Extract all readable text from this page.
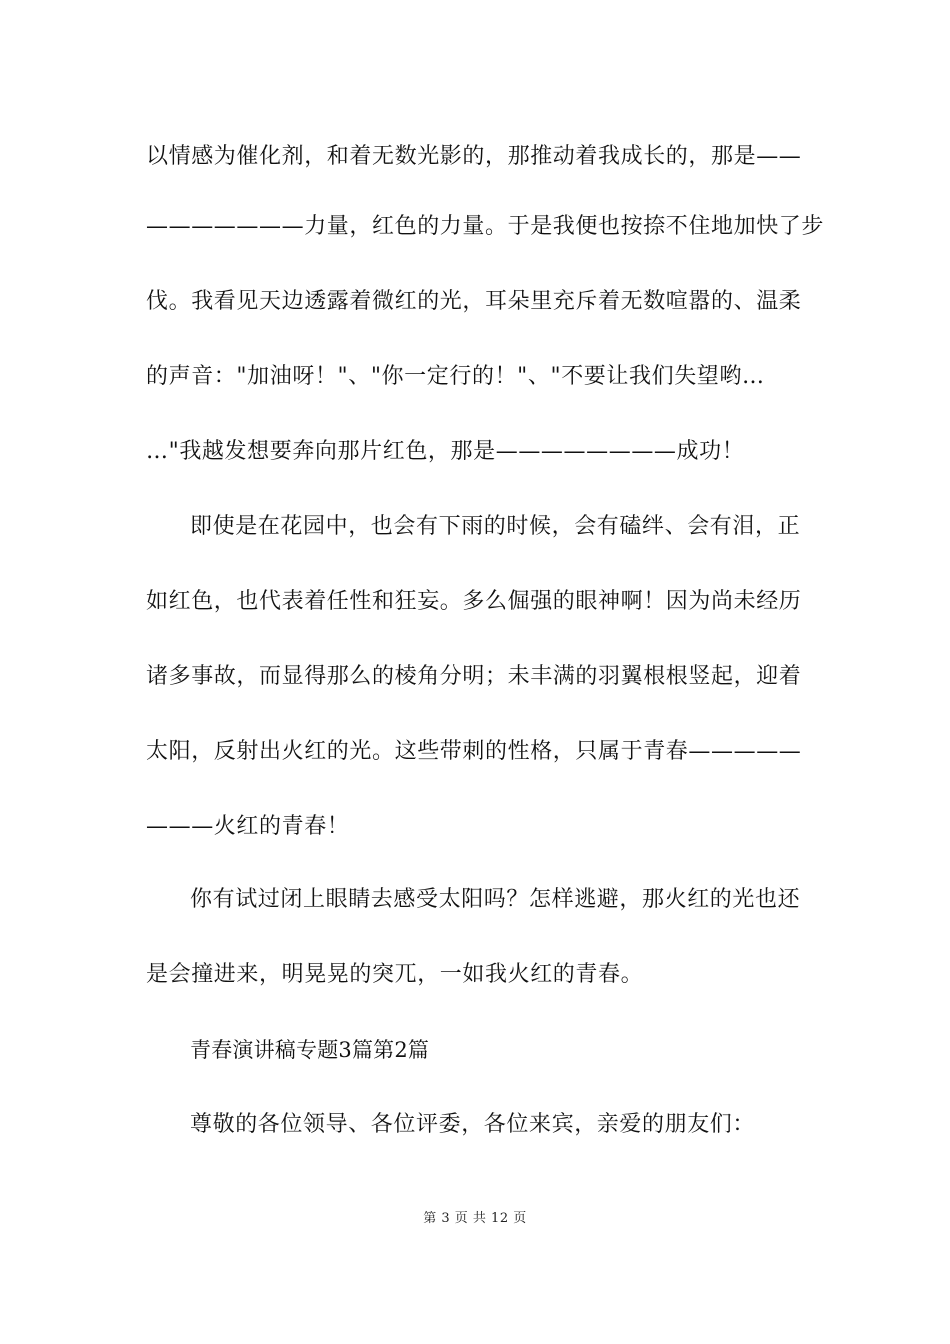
以情感为催化剂，和着无数光影的，那推动着我成长的，那是——
———————力量，红色的力量。于是我便也按捺不住地加快了步
伐。我看见天边透露着微红的光，耳朵里充斥着无数喧嚣的、温柔
的声音："加油呀！"、"你一定行的！"、"不要让我们失望哟…
…"我越发想要奔向那片红色，那是————————成功！
即使是在花园中，也会有下雨的时候，会有磕绊、会有泪，正
如红色，也代表着任性和狂妄。多么倔强的眼神啊！因为尚未经历
诸多事故，而显得那么的棱角分明；未丰满的羽翼根根竖起，迎着
太阳，反射出火红的光。这些带刺的性格，只属于青春—————
———火红的青春！
你有试过闭上眼睛去感受太阳吗？怎样逃避，那火红的光也还
是会撞进来，明晃晃的突兀，一如我火红的青春。
青春演讲稿专题3篇第2篇
尊敬的各位领导、各位评委，各位来宾，亲爱的朋友们：
第 3 页 共 12 页
